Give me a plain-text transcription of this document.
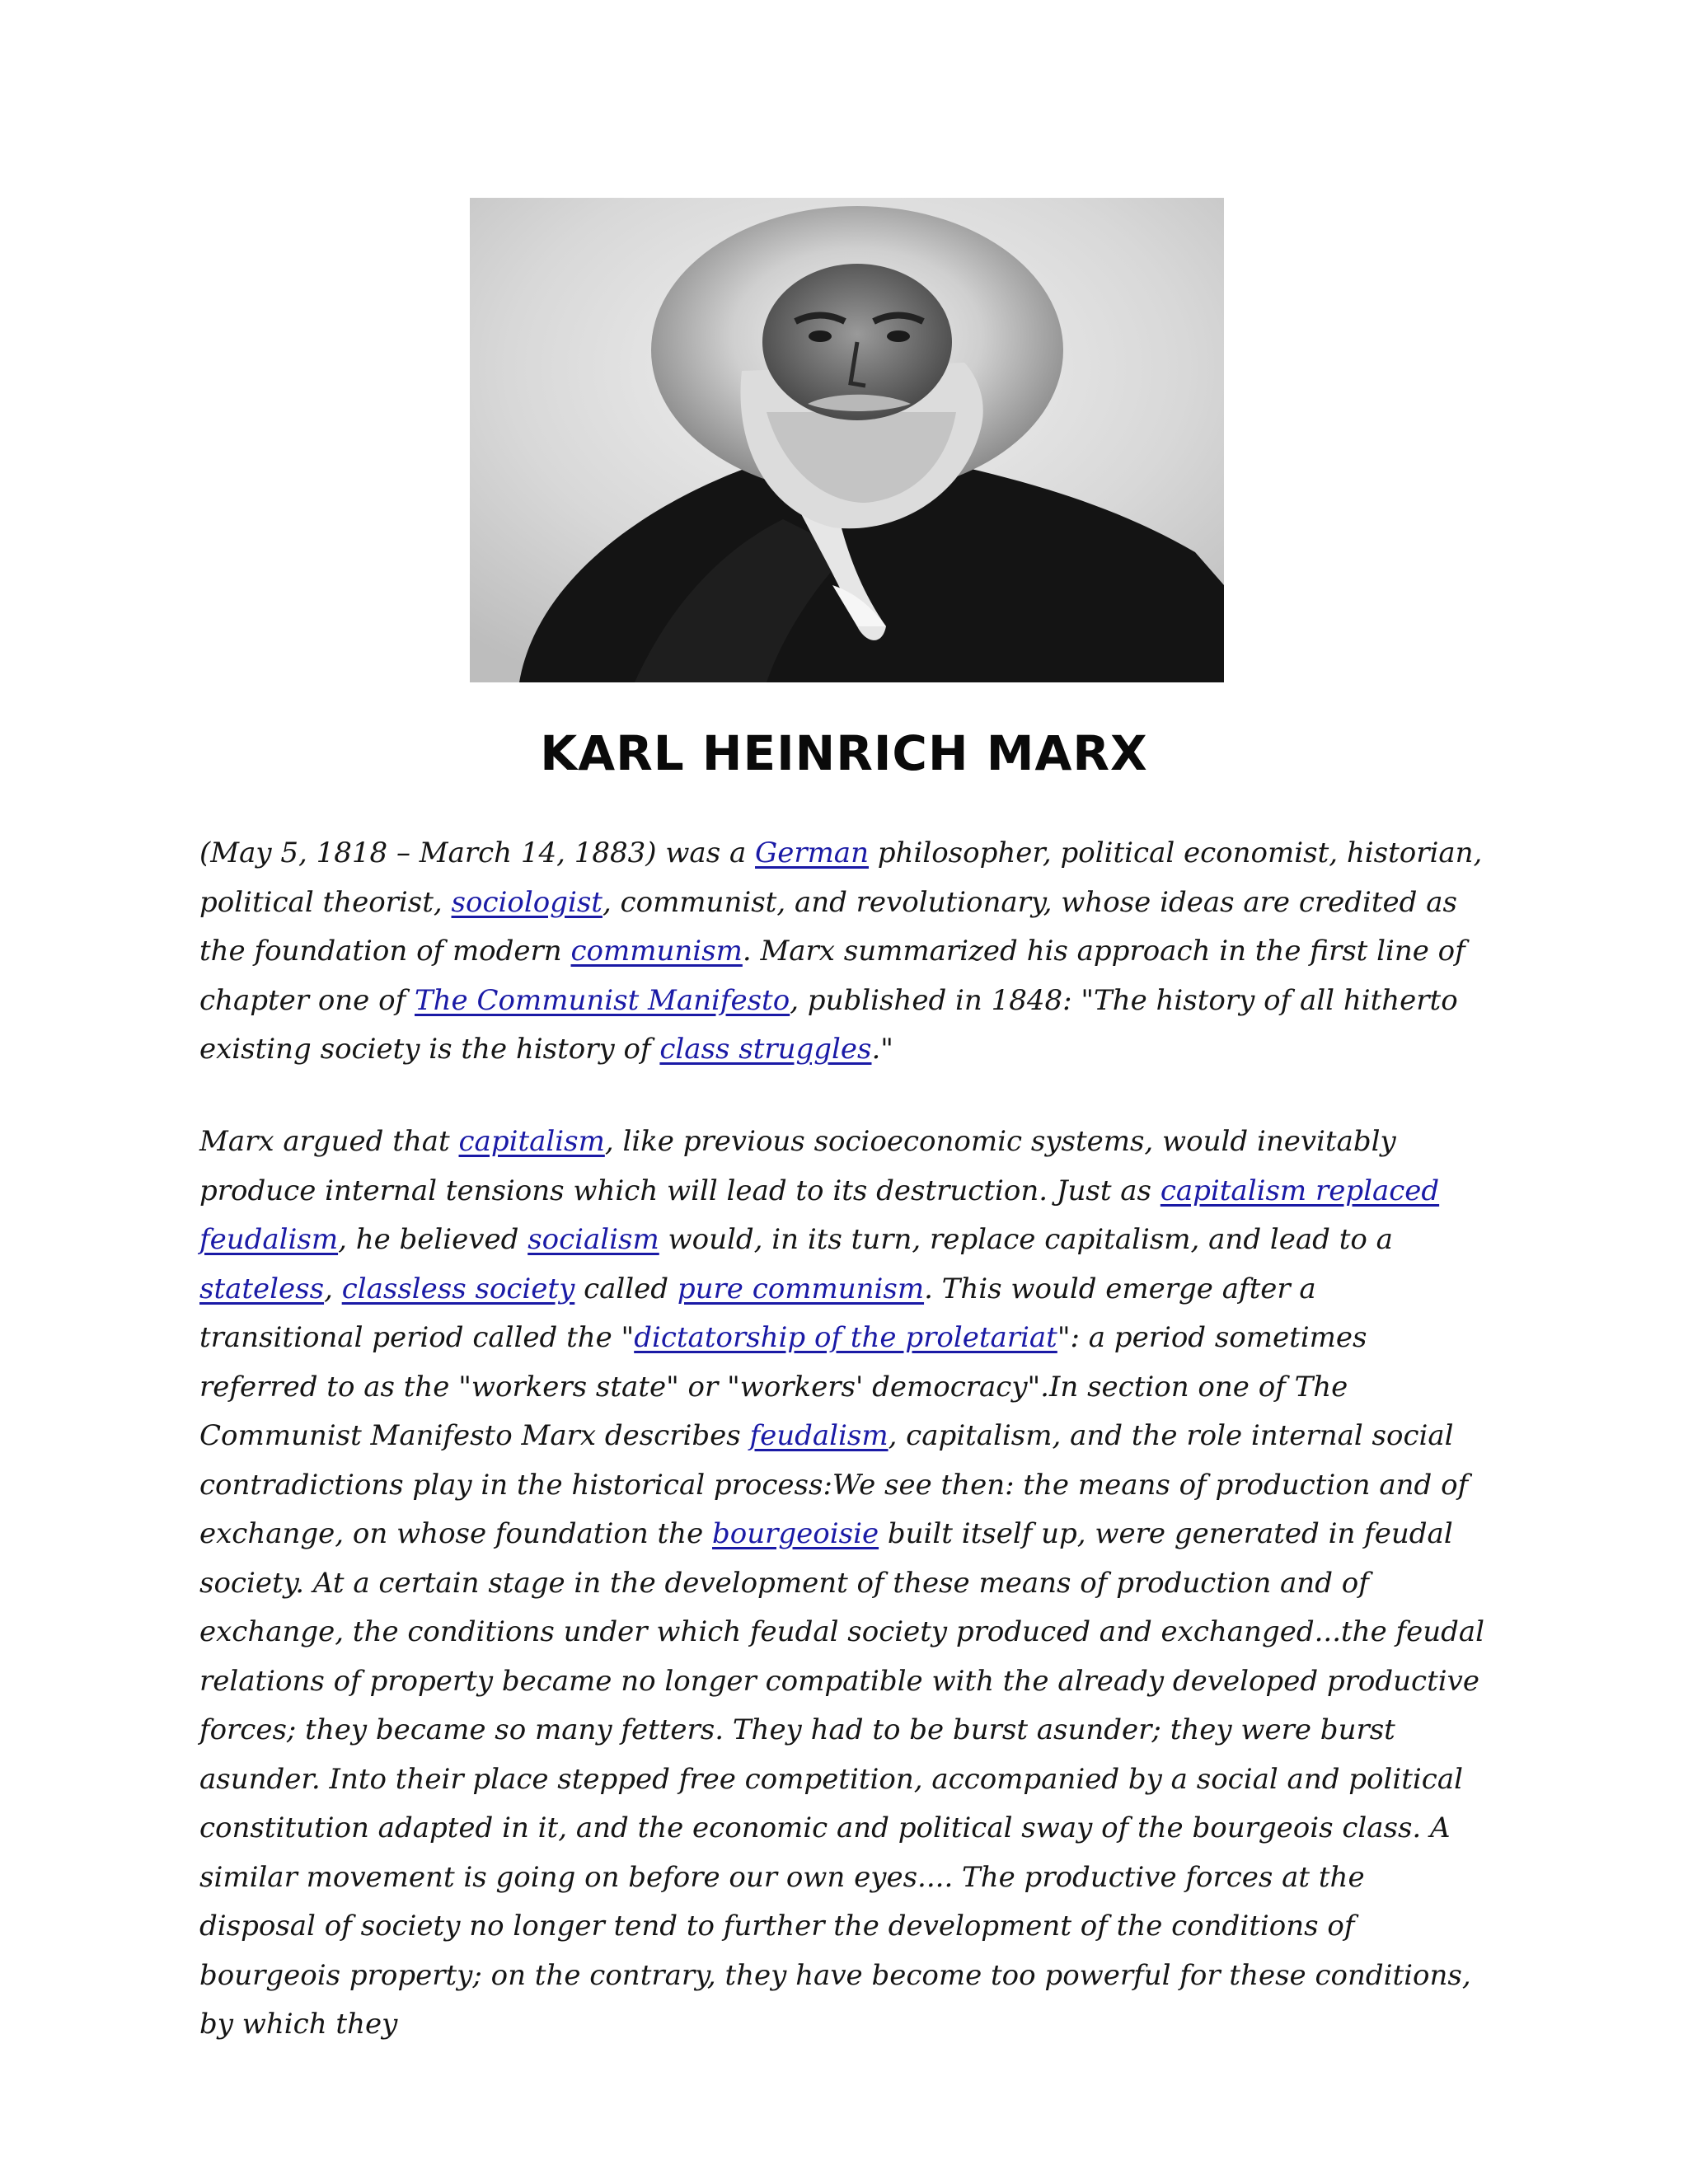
KARL HEINRICH MARX

(May 5, 1818 – March 14, 1883) was a German philosopher, political economist, historian, political theorist, sociologist, communist, and revolutionary, whose ideas are credited as the foundation of modern communism. Marx summarized his approach in the first line of chapter one of The Communist Manifesto, published in 1848: "The history of all hitherto existing society is the history of class struggles."

Marx argued that capitalism, like previous socioeconomic systems, would inevitably produce internal tensions which will lead to its destruction. Just as capitalism replaced feudalism, he believed socialism would, in its turn, replace capitalism, and lead to a stateless, classless society called pure communism. This would emerge after a transitional period called the "dictatorship of the proletariat": a period sometimes referred to as the "workers state" or "workers' democracy".In section one of The Communist Manifesto Marx describes feudalism, capitalism, and the role internal social contradictions play in the historical process:We see then: the means of production and of exchange, on whose foundation the bourgeoisie built itself up, were generated in feudal society. At a certain stage in the development of these means of production and of exchange, the conditions under which feudal society produced and exchanged...the feudal relations of property became no longer compatible with the already developed productive forces; they became so many fetters. They had to be burst asunder; they were burst asunder. Into their place stepped free competition, accompanied by a social and political constitution adapted in it, and the economic and political sway of the bourgeois class. A similar movement is going on before our own eyes.... The productive forces at the disposal of society no longer tend to further the development of the conditions of bourgeois property; on the contrary, they have become too powerful for these conditions, by which they
